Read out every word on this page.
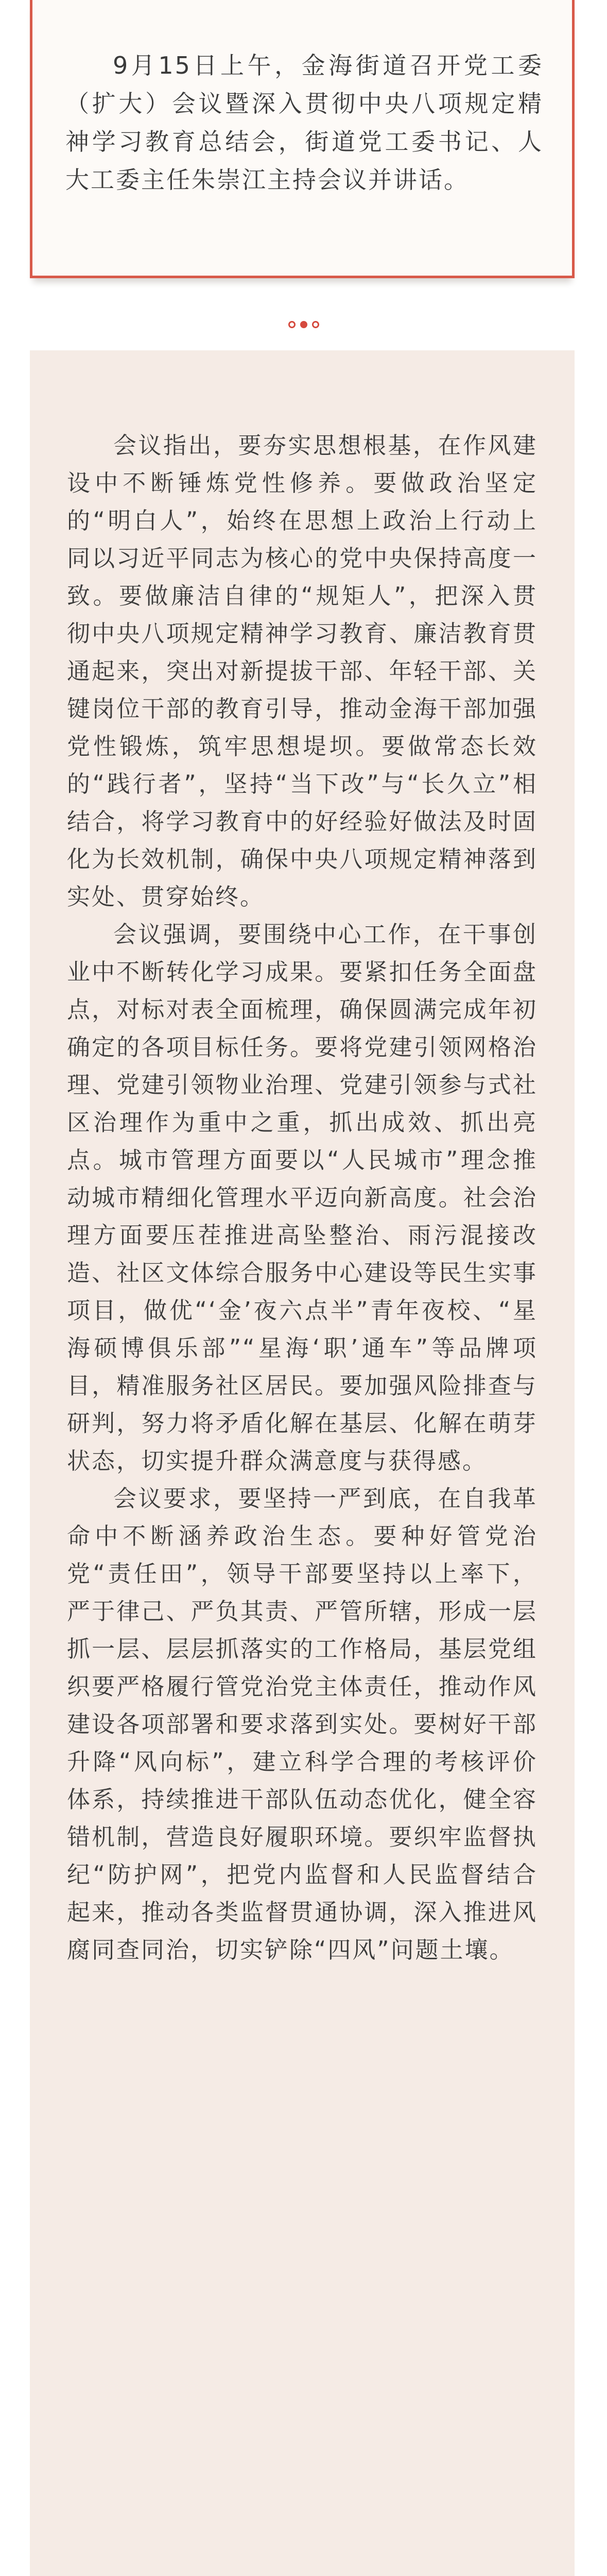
9月15日上午，金海街道召开党工委（扩大）会议暨深入贯彻中央八项规定精神学习教育总结会，街道党工委书记、人大工委主任朱崇江主持会议并讲话。

会议指出，要夯实思想根基，在作风建设中不断锤炼党性修养。要做政治坚定的“明白人”，始终在思想上政治上行动上同以习近平同志为核心的党中央保持高度一致。要做廉洁自律的“规矩人”，把深入贯彻中央八项规定精神学习教育、廉洁教育贯通起来，突出对新提拔干部、年轻干部、关键岗位干部的教育引导，推动金海干部加强党性锻炼，筑牢思想堤坝。要做常态长效的“践行者”，坚持“当下改”与“长久立”相结合，将学习教育中的好经验好做法及时固化为长效机制，确保中央八项规定精神落到实处、贯穿始终。

会议强调，要围绕中心工作，在干事创业中不断转化学习成果。要紧扣任务全面盘点，对标对表全面梳理，确保圆满完成年初确定的各项目标任务。要将党建引领网格治理、党建引领物业治理、党建引领参与式社区治理作为重中之重，抓出成效、抓出亮点。城市管理方面要以“人民城市”理念推动城市精细化管理水平迈向新高度。社会治理方面要压茬推进高坠整治、雨污混接改造、社区文体综合服务中心建设等民生实事项目，做优“‘金’夜六点半”青年夜校、“星海硕博俱乐部”“星海‘职’通车”等品牌项目，精准服务社区居民。要加强风险排查与研判，努力将矛盾化解在基层、化解在萌芽状态，切实提升群众满意度与获得感。

会议要求，要坚持一严到底，在自我革命中不断涵养政治生态。要种好管党治党“责任田”，领导干部要坚持以上率下，严于律己、严负其责、严管所辖，形成一层抓一层、层层抓落实的工作格局，基层党组织要严格履行管党治党主体责任，推动作风建设各项部署和要求落到实处。要树好干部升降“风向标”，建立科学合理的考核评价体系，持续推进干部队伍动态优化，健全容错机制，营造良好履职环境。要织牢监督执纪“防护网”，把党内监督和人民监督结合起来，推动各类监督贯通协调，深入推进风腐同查同治，切实铲除“四风”问题土壤。
